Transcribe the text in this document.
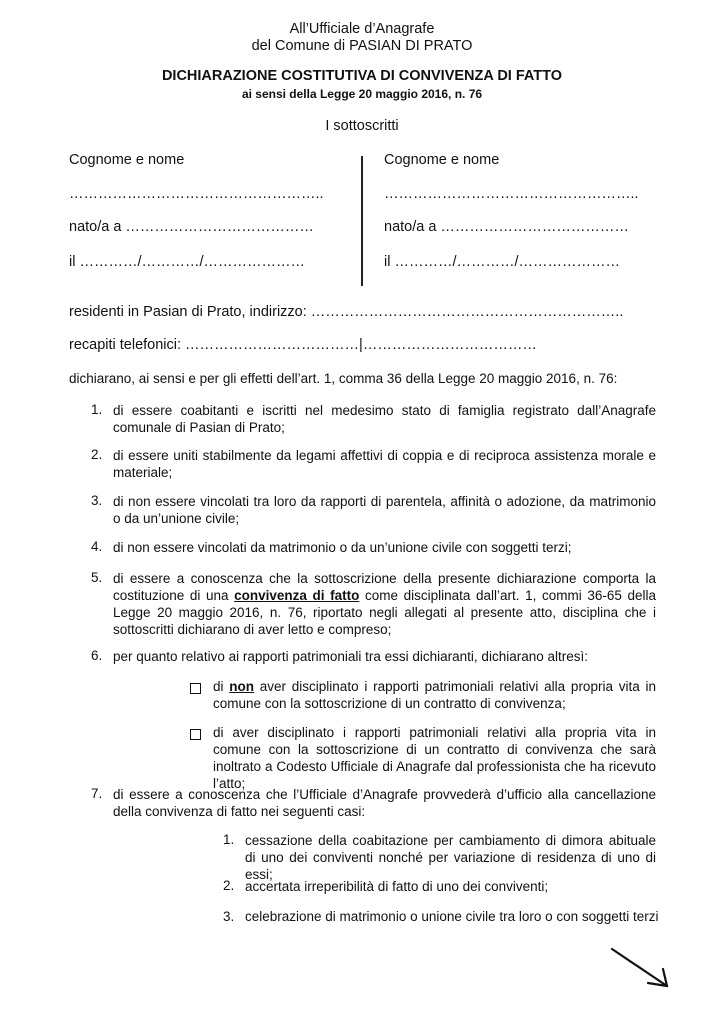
All’Ufficiale d’Anagrafe
del Comune di PASIAN DI PRATO
DICHIARAZIONE COSTITUTIVA DI CONVIVENZA DI FATTO
ai sensi della Legge 20 maggio 2016, n. 76
I sottoscritti
Cognome e nome
……………………………………………..
nato/a a …………………………………
il …………/…………/…………………
Cognome e nome
……………………………………………..
nato/a a …………………………………
il …………/…………/…………………
residenti in Pasian di Prato, indirizzo: ………………………………………………………..
recapiti telefonici: ………………………………|………………………………
dichiarano, ai sensi e per gli effetti dell’art. 1, comma 36 della Legge 20 maggio 2016, n. 76:
1. di essere coabitanti e iscritti nel medesimo stato di famiglia registrato dall’Anagrafe comunale di Pasian di Prato;
2. di essere uniti stabilmente da legami affettivi di coppia e di reciproca assistenza morale e materiale;
3. di non essere vincolati tra loro da rapporti di parentela, affinità o adozione, da matrimonio o da un’unione civile;
4. di non essere vincolati da matrimonio o da un’unione civile con soggetti terzi;
5. di essere a conoscenza che la sottoscrizione della presente dichiarazione comporta la costituzione di una convivenza di fatto come disciplinata dall’art. 1, commi 36-65 della Legge 20 maggio 2016, n. 76, riportato negli allegati al presente atto, disciplina che i sottoscritti dichiarano di aver letto e compreso;
6. per quanto relativo ai rapporti patrimoniali tra essi dichiaranti, dichiarano altresì:
di non aver disciplinato i rapporti patrimoniali relativi alla propria vita in comune con la sottoscrizione di un contratto di convivenza;
di aver disciplinato i rapporti patrimoniali relativi alla propria vita in comune con la sottoscrizione di un contratto di convivenza che sarà inoltrato a Codesto Ufficiale di Anagrafe dal professionista che ha ricevuto l’atto;
7. di essere a conoscenza che l’Ufficiale d’Anagrafe provvederà d’ufficio alla cancellazione della convivenza di fatto nei seguenti casi:
1. cessazione della coabitazione per cambiamento di dimora abituale di uno dei conviventi nonché per variazione di residenza di uno di essi;
2. accertata irreperibilità di fatto di uno dei conviventi;
3. celebrazione di matrimonio o unione civile tra loro o con soggetti terzi
